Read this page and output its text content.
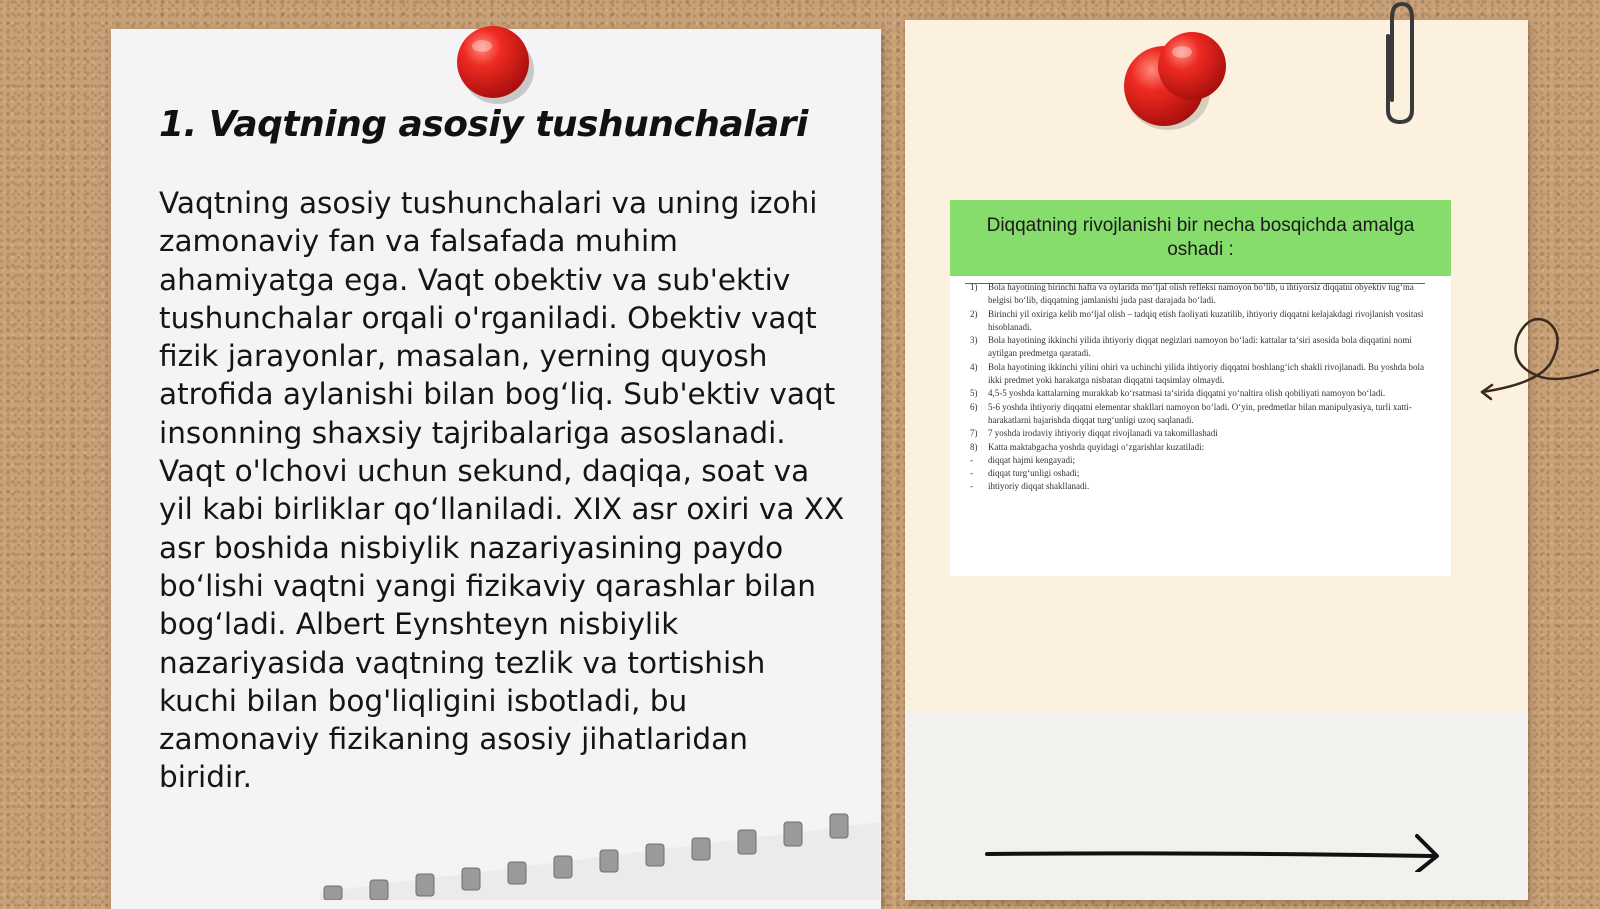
1. Vaqtning asosiy tushunchalari

Vaqtning asosiy tushunchalari va uning izohi zamonaviy fan va falsafada muhim ahamiyatga ega. Vaqt obektiv va sub'ektiv tushunchalar orqali o'rganiladi. Obektiv vaqt fizik jarayonlar, masalan, yerning quyosh atrofida aylanishi bilan bog‘liq. Sub'ektiv vaqt insonning shaxsiy tajribalariga asoslanadi. Vaqt o'lchovi uchun sekund, daqiqa, soat va yil kabi birliklar qo‘llaniladi. XIX asr oxiri va XX asr boshida nisbiylik nazariyasining paydo bo‘lishi vaqtni yangi fizikaviy qarashlar bilan bog‘ladi. Albert Eynshteyn nisbiylik nazariyasida vaqtning tezlik va tortishish kuchi bilan bog'liqligini isbotladi, bu zamonaviy fizikaning asosiy jihatlaridan biridir.

Diqqatning rivojlanishi bir necha bosqichda amalga oshadi :
1)	Bola hayotining birinchi hafta va oylarida mo‘ljal olish refleksi namoyon bo‘lib, u ihtiyorsiz diqqatni obyektiv tug‘ma belgisi bo‘lib, diqqatning jamlanishi juda past darajada bo‘ladi.
2)	Birinchi yil oxiriga kelib mo‘ljal olish – tadqiq etish faoliyati kuzatilib, ihtiyoriy diqqatni kelajakdagi rivojlanish vositasi hisoblanadi.
3)	Bola hayotining ikkinchi yilida ihtiyoriy diqqat negizlari namoyon bo‘ladi: kattalar ta‘siri asosida bola diqqatini nomi aytilgan predmetga qaratadi.
4)	Bola hayotining ikkinchi yilini ohiri va uchinchi yilida ihtiyoriy diqqatni boshlang‘ich shakli rivojlanadi. Bu yoshda bola ikki predmet yoki harakatga nisbatan diqqatni taqsimlay olmaydi.
5)	4,5-5 yoshda kattalarning murakkab ko‘rsatmasi ta‘sirida diqqatni yo‘naltira olish qobiliyati namoyon bo‘ladi.
6)	5-6 yoshda ihtiyoriy diqqatni elementar shakllari namoyon bo‘ladi. O‘yin, predmetlar bilan manipulyasiya, turli xatti-harakatlarni bajarishda diqqat turg‘unligi uzoq saqlanadi.
7)	7 yoshda irodaviy ihtiyoriy diqqat rivojlanadi va takomillashadi
8)	Katta maktabgacha yoshda quyidagi o‘zgarishlar kuzatiladi:
-	diqqat hajmi kengayadi;
-	diqqat turg‘unligi oshadi;
-	ihtiyoriy diqqat shakllanadi.
